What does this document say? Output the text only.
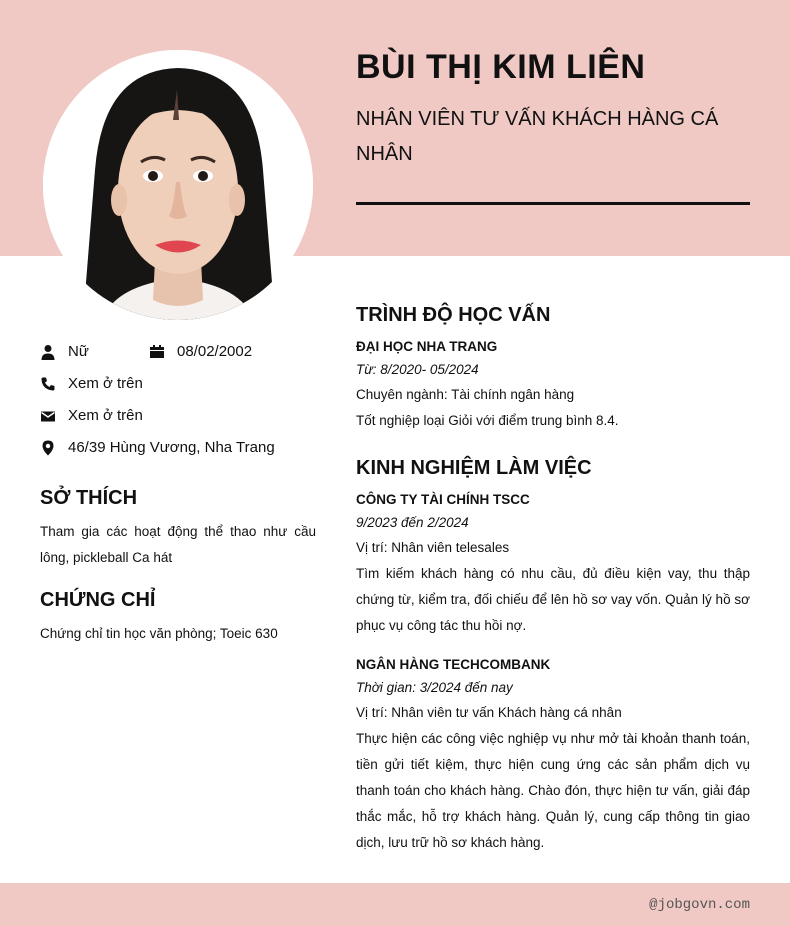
BÙI THỊ KIM LIÊN
NHÂN VIÊN TƯ VẤN KHÁCH HÀNG CÁ NHÂN
Nữ	08/02/2002
Xem ở trên
Xem ở trên
46/39 Hùng Vương, Nha Trang
SỞ THÍCH
Tham gia các hoạt động thể thao như cầu lông, pickleball Ca hát
CHỨNG CHỈ
Chứng chỉ tin học văn phòng; Toeic 630
TRÌNH ĐỘ HỌC VẤN
ĐẠI HỌC NHA TRANG
Từ: 8/2020- 05/2024
Chuyên ngành: Tài chính ngân hàng
Tốt nghiệp loại Giỏi với điểm trung bình 8.4.
KINH NGHIỆM LÀM VIỆC
CÔNG TY TÀI CHÍNH TSCC
9/2023 đến 2/2024
Vị trí: Nhân viên telesales
Tìm kiếm khách hàng có nhu cầu, đủ điều kiện vay, thu thập chứng từ, kiểm tra, đối chiếu để lên hồ sơ vay vốn. Quản lý hồ sơ phục vụ công tác thu hồi nợ.
NGÂN HÀNG TECHCOMBANK
Thời gian: 3/2024 đến nay
Vị trí: Nhân viên tư vấn Khách hàng cá nhân
Thực hiện các công việc nghiệp vụ như mở tài khoản thanh toán, tiền gửi tiết kiệm, thực hiện cung ứng các sản phẩm dịch vụ thanh toán cho khách hàng. Chào đón, thực hiện tư vấn, giải đáp thắc mắc, hỗ trợ khách hàng. Quản lý, cung cấp thông tin giao dịch, lưu trữ hồ sơ khách hàng.
@jobgovn.com
